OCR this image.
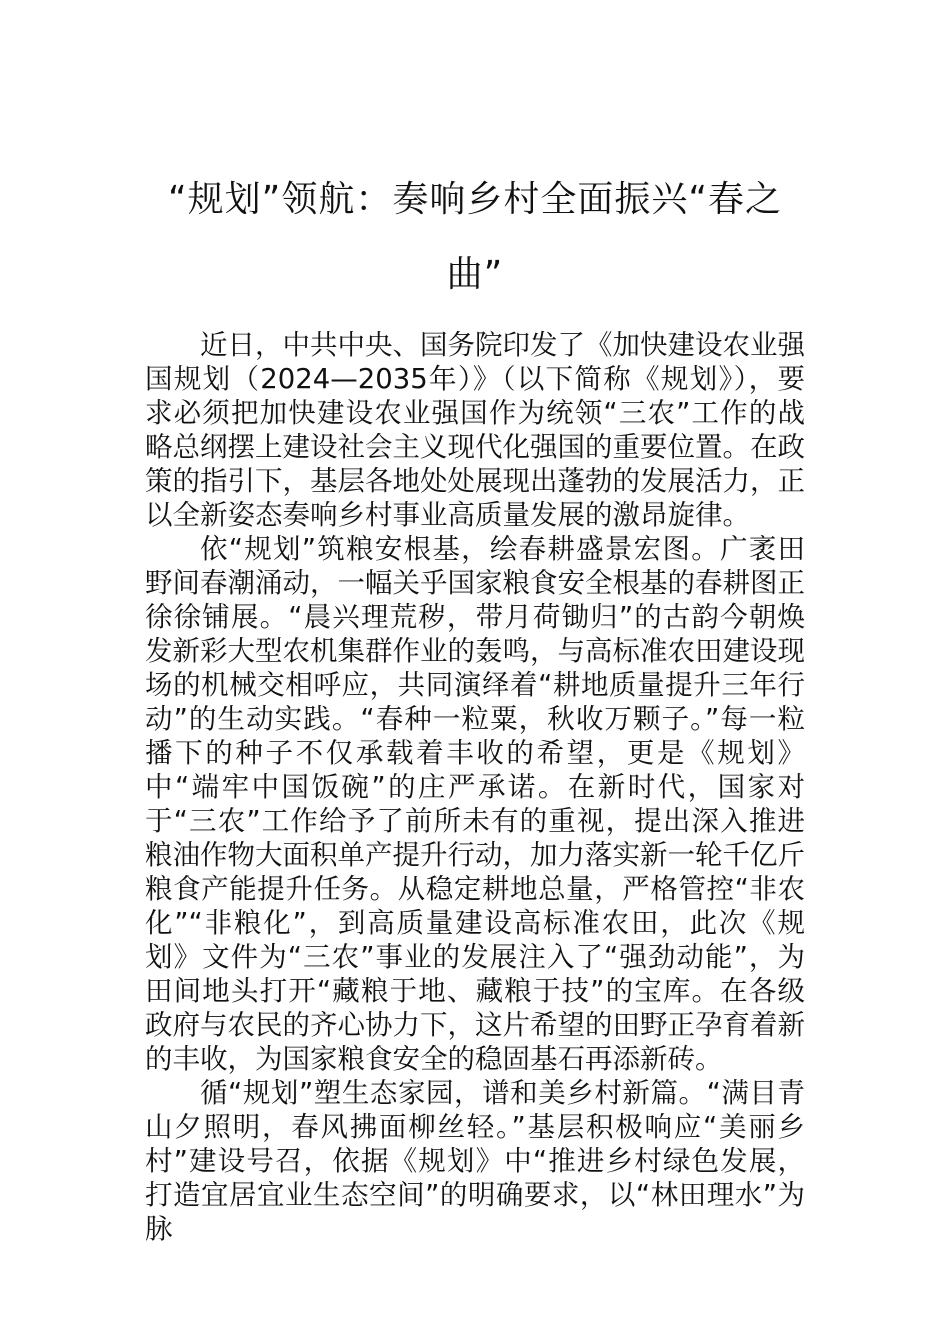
“规划”领航：奏响乡村全面振兴“春之曲”

近日，中共中央、国务院印发了《加快建设农业强国规划（2024—2035年）》（以下简称《规划》），要求必须把加快建设农业强国作为统领“三农”工作的战略总纲摆上建设社会主义现代化强国的重要位置。在政策的指引下，基层各地处处展现出蓬勃的发展活力，正以全新姿态奏响乡村事业高质量发展的激昂旋律。

依“规划”筑粮安根基，绘春耕盛景宏图。广袤田野间春潮涌动，一幅关乎国家粮食安全根基的春耕图正徐徐铺展。“晨兴理荒秽，带月荷锄归”的古韵今朝焕发新彩大型农机集群作业的轰鸣，与高标准农田建设现场的机械交相呼应，共同演绎着“耕地质量提升三年行动”的生动实践。“春种一粒粟，秋收万颗子。”每一粒播下的种子不仅承载着丰收的希望，更是《规划》中“端牢中国饭碗”的庄严承诺。在新时代，国家对于“三农”工作给予了前所未有的重视，提出深入推进粮油作物大面积单产提升行动，加力落实新一轮千亿斤粮食产能提升任务。从稳定耕地总量，严格管控“非农化”“非粮化”，到高质量建设高标准农田，此次《规划》文件为“三农”事业的发展注入了“强劲动能”，为田间地头打开“藏粮于地、藏粮于技”的宝库。在各级政府与农民的齐心协力下，这片希望的田野正孕育着新的丰收，为国家粮食安全的稳固基石再添新砖。

循“规划”塑生态家园，谱和美乡村新篇。“满目青山夕照明，春风拂面柳丝轻。”基层积极响应“美丽乡村”建设号召，依据《规划》中“推进乡村绿色发展，打造宜居宜业生态空间”的明确要求，以“林田理水”为脉
